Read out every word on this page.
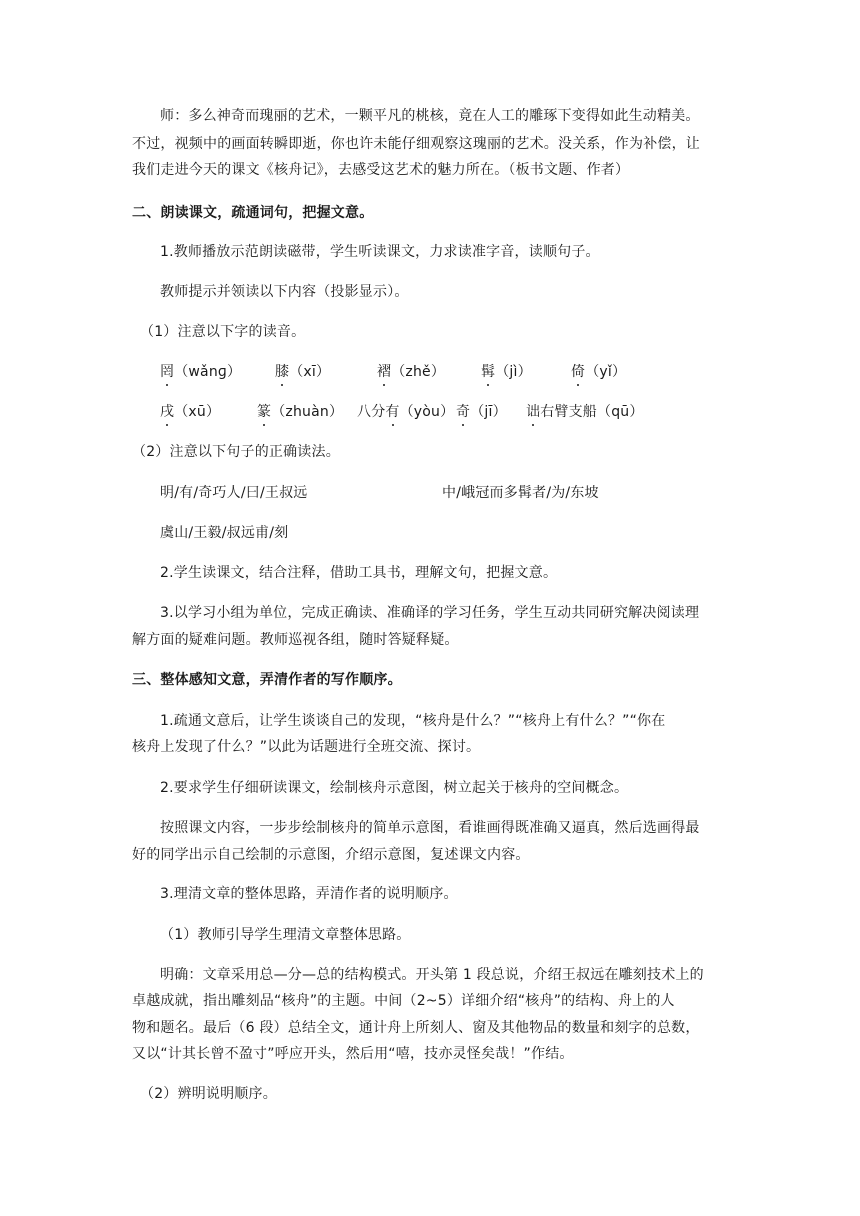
师：多么神奇而瑰丽的艺术，一颗平凡的桃核，竟在人工的雕琢下变得如此生动精美。
不过，视频中的画面转瞬即逝，你也许未能仔细观察这瑰丽的艺术。没关系，作为补偿，让
我们走进今天的课文《核舟记》，去感受这艺术的魅力所在。（板书文题、作者）
二、朗读课文，疏通词句，把握文意。
1.教师播放示范朗读磁带，学生听读课文，力求读准字音，读顺句子。
教师提示并领读以下内容（投影显示）。
（1）注意以下字的读音。
罔（wǎnɡ） 膝（xī）	褶（zhě）	髯（jì）	倚（yǐ）
戌（xū）	篆（zhuàn） 八分有（yòu） 奇（jī） 诎右臂支船（qū）
（2）注意以下句子的正确读法。
明/有/奇巧人/曰/王叔远	中/峨冠而多髯者/为/东坡
虞山/王毅/叔远甫/刻
2.学生读课文，结合注释，借助工具书，理解文句，把握文意。
3.以学习小组为单位，完成正确读、准确译的学习任务，学生互动共同研究解决阅读理
解方面的疑难问题。教师巡视各组，随时答疑释疑。
三、整体感知文意，弄清作者的写作顺序。
1.疏通文意后，让学生谈谈自己的发现，“核舟是什么？”“核舟上有什么？”“你在
核舟上发现了什么？”以此为话题进行全班交流、探讨。
2.要求学生仔细研读课文，绘制核舟示意图，树立起关于核舟的空间概念。
按照课文内容，一步步绘制核舟的简单示意图，看谁画得既准确又逼真，然后选画得最
好的同学出示自己绘制的示意图，介绍示意图，复述课文内容。
3.理清文章的整体思路，弄清作者的说明顺序。
（1）教师引导学生理清文章整体思路。
明确：文章采用总—分—总的结构模式。开头第 1 段总说，介绍王叔远在雕刻技术上的
卓越成就，指出雕刻品“核舟”的主题。中间（2~5）详细介绍“核舟”的结构、舟上的人
物和题名。最后（6 段）总结全文，通计舟上所刻人、窗及其他物品的数量和刻字的总数，
又以“计其长曾不盈寸”呼应开头，然后用“嘻，技亦灵怪矣哉！”作结。
（2）辨明说明顺序。
